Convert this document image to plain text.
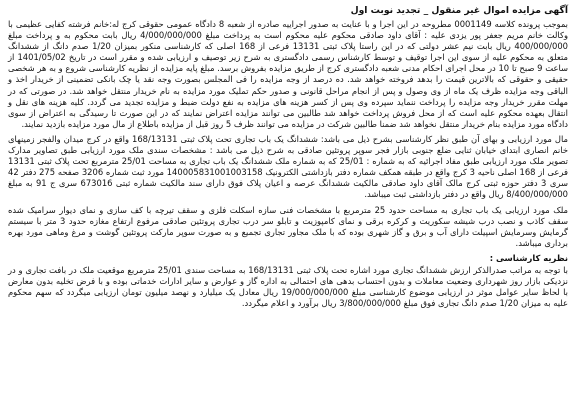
آگهی مزایده اموال غیر منقول _ تجدید نوبت اول

بموجب پرونده کلاسه 0001149 مطروحه در این اجرا و با عنایت به صدور اجراییه صادره از شعبه 8 دادگاه عمومی حقوقی کرج له:خانم فرشته کفایی عظیمی با وکالت خانم مریم جعفر پور یزدی علیه : آقای داود صادقی محکوم علیه محکوم است به پرداخت مبلغ 4/000/000/000 ریال بابت محکوم به و پرداخت مبلغ 400/000/000 ریال بابت نیم عشر دولتی که در این راستا پلاک ثبتی 13131 فرعی از 168 اصلی که کارشناسی منکور بمیزان 1/20 صدم دانگ از ششدانگ متعلق به محکوم علیه از سوی این اجرا توقیف و توسط کارشناس رسمی دادگستری به شرح زیر توصیف و ارزیابی شده و مقرر است در تاریخ 1401/05/02 از ساعت 9 صبح تا 10 در محل اجرای احکام مدنی شعبه دادگستری کرج از طریق مزایده بفروش برسد. مبلغ پایه مزایده از نظریه کارشناسی شروع و به هر شخصی حقیقی و حقوقی که بالاترین قیمت را بدهد فروخته خواهد شد. ده درصد از وجه مزایده را فی المجلس بصورت وجه نقد یا چک بانکی تضمینی از خریدار اخذ و الباقی وجه مزایده ظرف یک ماه از وی وصول و پس از انجام مراحل قانونی و صدور حکم تملیک مورد مزایده به نام خریدار منتقل خواهد شد. در صورتی که در مهلت مقرر خریدار وجه مزایده را پرداخت ننماید سپرده وی پس از کسر هزینه های مزایده به نفع دولت ضبط و مزایده تجدید می گردد. کلیه هزینه های نقل و انتقال بعهده محکوم علیه است که از محل فروش پرداخت خواهد شد طالبین می توانند مزایده اعتراض نمایند که در این صورت تا رسیدگی به اعتراض از سوی دادگاه مورد مزایده بنام خریدار منتقل نخواهد شد ضمنا طالبین شرکت در مزایده می توانند ظرف 5 روز قبل از مزایده باطلاع از مال مورد مزایده بازدید نمایند.

مال مورد ارزیابی و بهای آن طبق نظر کارشناسی بشرح ذیل می باشد: ششدانگ یک باب تجاری تحت پلاک ثبتی 168/13131 واقع در کرج میدان والفجر زمینهای خانم انصاری ابتدای خیابان ثنایی ضلع جنوبی بازار فجر سوپر پروتئین صادقی به شرح ذیل می باشد : مشخصات سندی ملک مورد ارزیابی طبق تصاویر مدارک تصویر ملک مورد ارزیابی طبق مفاد اجرائیه که به شماره : 25/01 که به شماره ملک ششدانگ یک باب تجاری به مساحت 25/01 مترمربع تحت پلاک ثبتی 13131 فرعی از 168 اصلی ناحیه 3 کرج واقع در طبقه همکف شماره دفتر بازداشتی الکترونیک 140005831001003158 مورد ثبت شماره 3206 صفحه 275 دفتر 42 سری 3 دفتر حوزه ثبتی کرج مالک آقای داود صادقی مالکیت ششدانگ عرصه و اعیان پلاک فوق دارای سند مالکیت شماره ثبتی 673016 سری ج 91 به مبلغ 8/400/000/000 ریال واقع در دفتر بازداشتی ثبت میباشد.

ملک مورد ارزیابی یک باب تجاری به مساحت حدود 25 مترمربع با مشخصات فنی سازه اسکلت فلزی و سقف تیرچه با کف سازی و نمای دیوار سرامیک شده سقف کاذب و نصب درب شیشه سکوریت و کرکره برقی و نمای کامپوزیت و تابلو سر درب تجاری پروتئین صادقی مرفوع ارتفاع مغازه حدود 3 متر با سیستم گرمایش وسرمایش اسپیلت دارای آب و برق و گاز شهری بوده که با ملک مجاور تجاری تجمیع و به صورت سوپر مارکت پروتئین گوشت و مرغ وماهی مورد بهره برداری میباشد.

نظریه کارشناسی :

با توجه به مراتب صدرالذکر ارزش ششدانگ تجاری مورد اشاره تحت پلاک ثبتی 168/13131 به مساحت سندی 25/01 مترمربع موقعیت ملک در بافت تجاری و در نزدیکی بازار روز شهرداری وضعیت معاملات و بدون احتساب بدهی های احتمالی به اداره گاز و عوارض و سایر ادارات خدماتی بوده و با فرض تخلیه بدون معارض با لحاظ سایر عوامل موثر در ارزیابی موضوع کارشناسی مبلغ 19/000/000/000 ریال معادل یک میلیارد و نهصد میلیون تومان ارزیابی میگردد که سهم محکوم علیه به میزان 1/20 صدم دانگ تجاری فوق مبلغ 3/800/000/000 ریال برآورد و اعلام میگردد.
